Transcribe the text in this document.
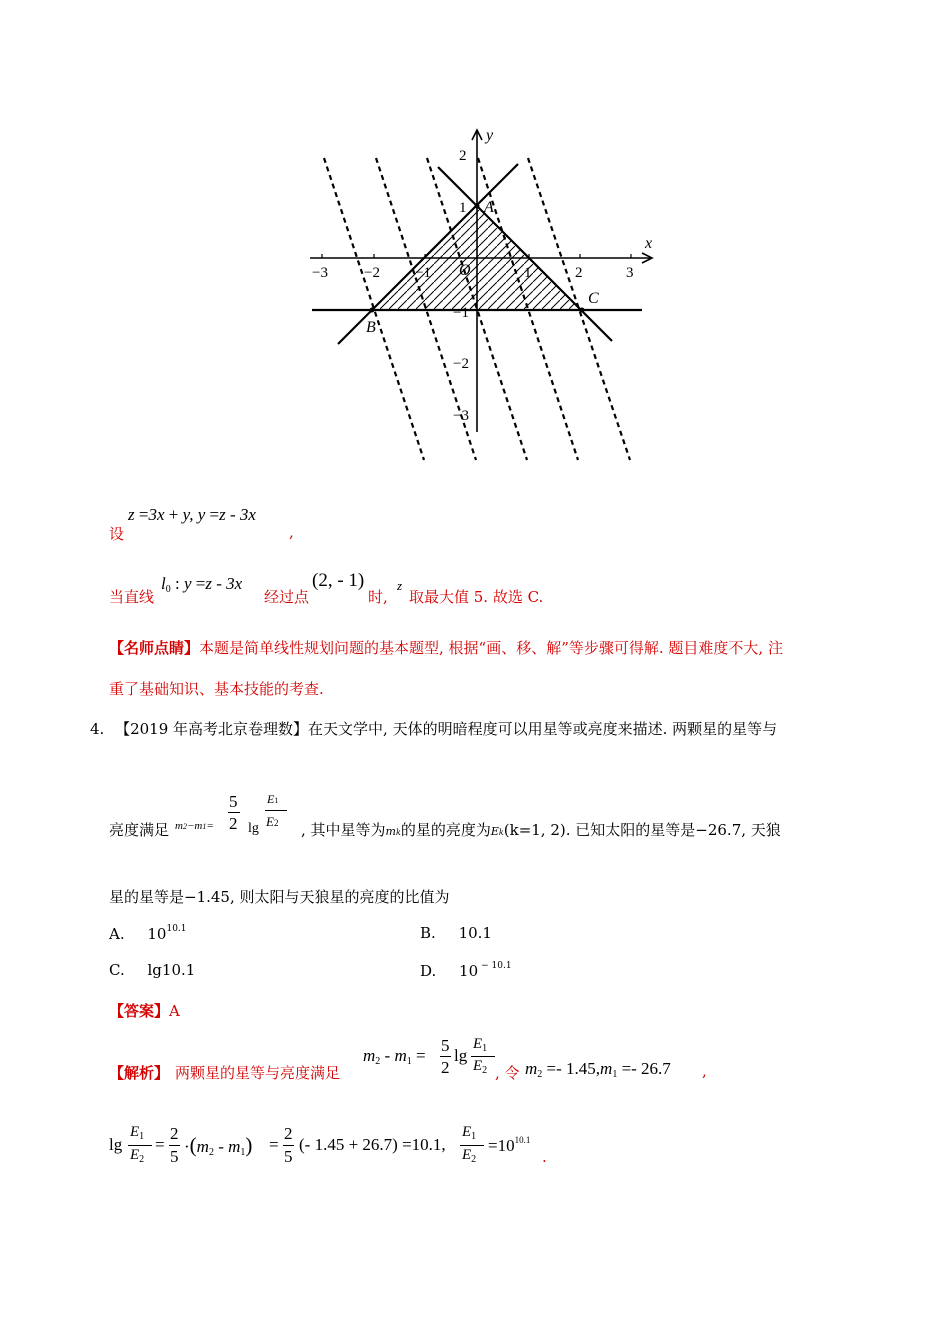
x
y
−3 −2 −1	1	2	3
2
1
−1
−2
−3
O
A
B
C
设
z =3x + y, y =z - 3x
,
当直线
$l_0$ : y =z - 3x
经过点
(2, - 1)
时,
z
取最大值 5. 故选 C.
【名师点睛】本题是简单线性规划问题的基本题型, 根据“画、移、解”等步骤可得解. 题目难度不大, 注
重了基础知识、基本技能的考查.
4. 【2019 年高考北京卷理数】在天文学中, 天体的明暗程度可以用星等或亮度来描述. 两颗星的星等与
亮度满足 m2−m1=
5
2 lg
E1
E2 , 其中星等为mk的星的亮度为Ek(k=1, 2). 已知太阳的星等是−26.7, 天狼
星的星等是−1.45, 则太阳与天狼星的亮度的比值为
A. $10^{10.1}$	B. 10.1
C. lg10.1	D. 10 $^{- 10.1}$
【答案】A
【解析】 两颗星的星等与亮度满足
$m_2 - m_1$ =
5
2
lg
$E_1$
$E_2$ , 令 $m_2 =- 1.45,m_1 =- 26.7$ ,
lg
$E_1$
$E_2$
=
2
5
$\cdot(m_2 - m_1)$ =
2
5
(- 1.45 + 26.7) =10.1,
$E_1$
$E_2$
$=10^{10.1}$
.
